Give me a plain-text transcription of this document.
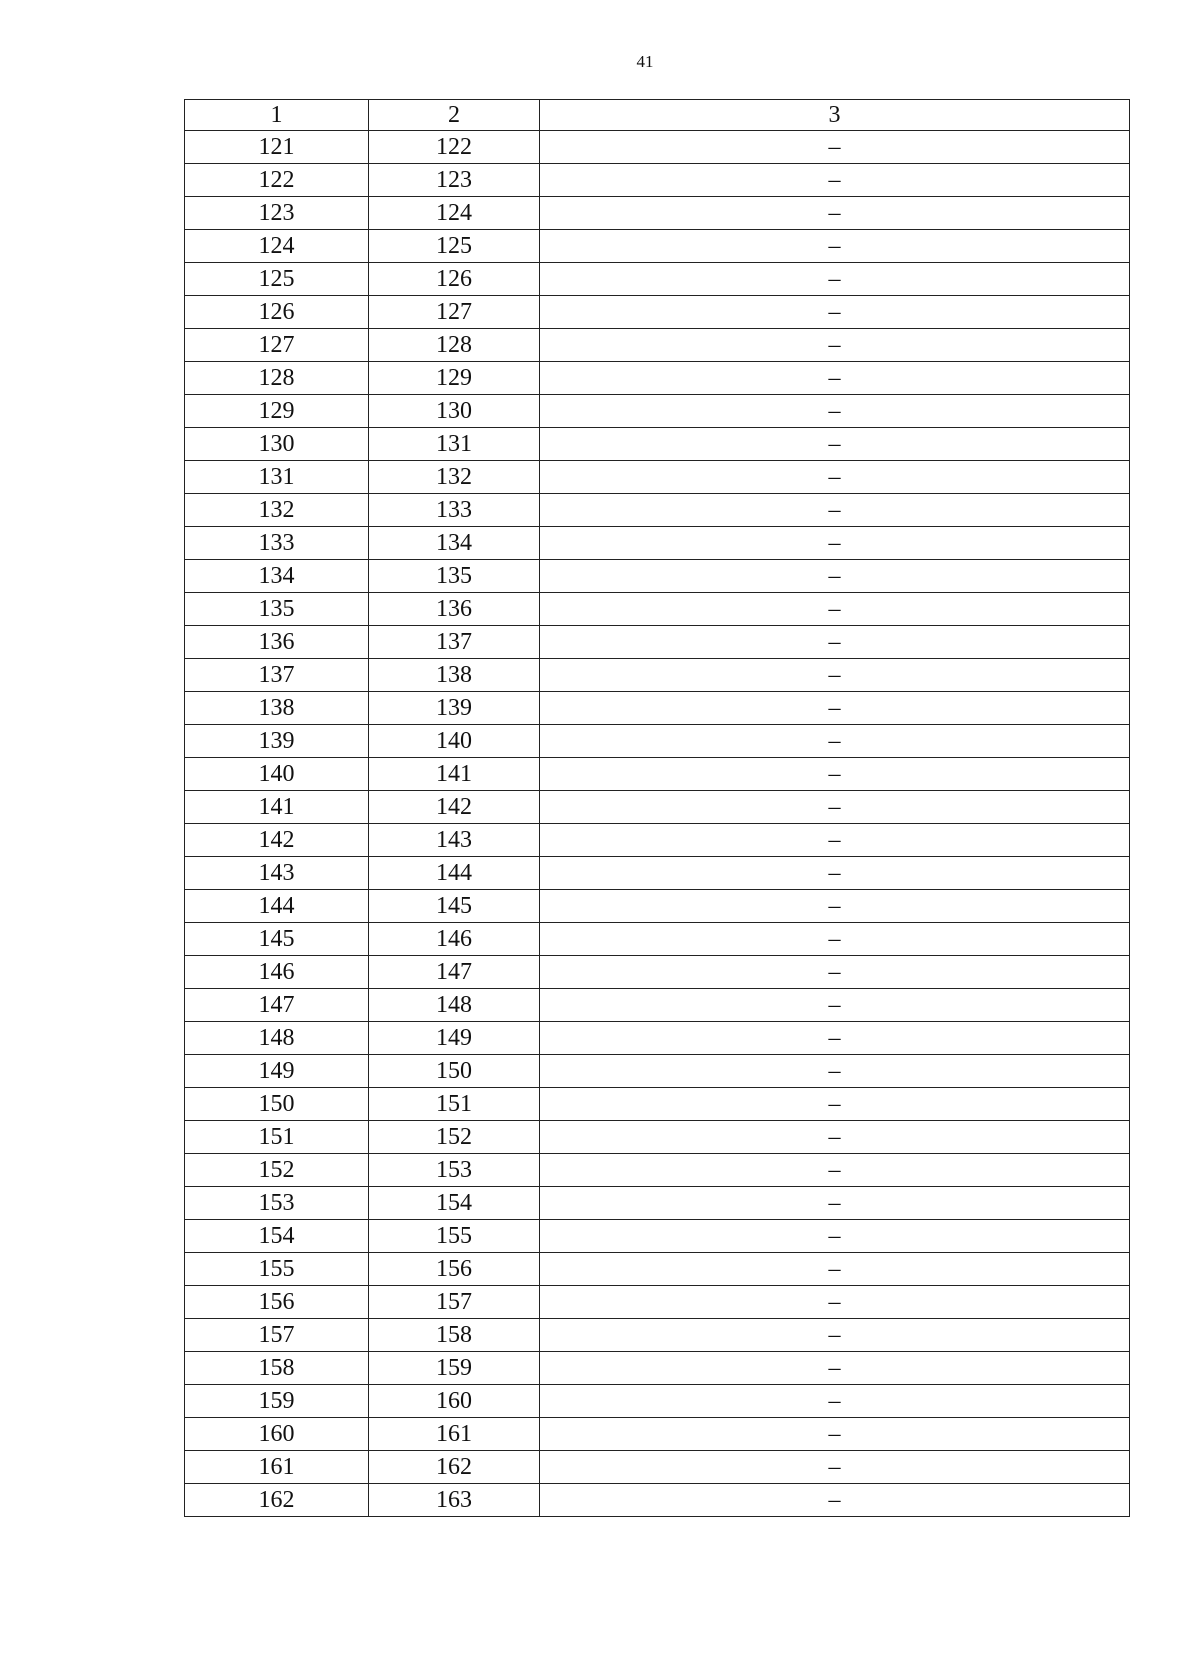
41
1	2	3
121	122	–
122	123	–
123	124	–
124	125	–
125	126	–
126	127	–
127	128	–
128	129	–
129	130	–
130	131	–
131	132	–
132	133	–
133	134	–
134	135	–
135	136	–
136	137	–
137	138	–
138	139	–
139	140	–
140	141	–
141	142	–
142	143	–
143	144	–
144	145	–
145	146	–
146	147	–
147	148	–
148	149	–
149	150	–
150	151	–
151	152	–
152	153	–
153	154	–
154	155	–
155	156	–
156	157	–
157	158	–
158	159	–
159	160	–
160	161	–
161	162	–
162	163	–
